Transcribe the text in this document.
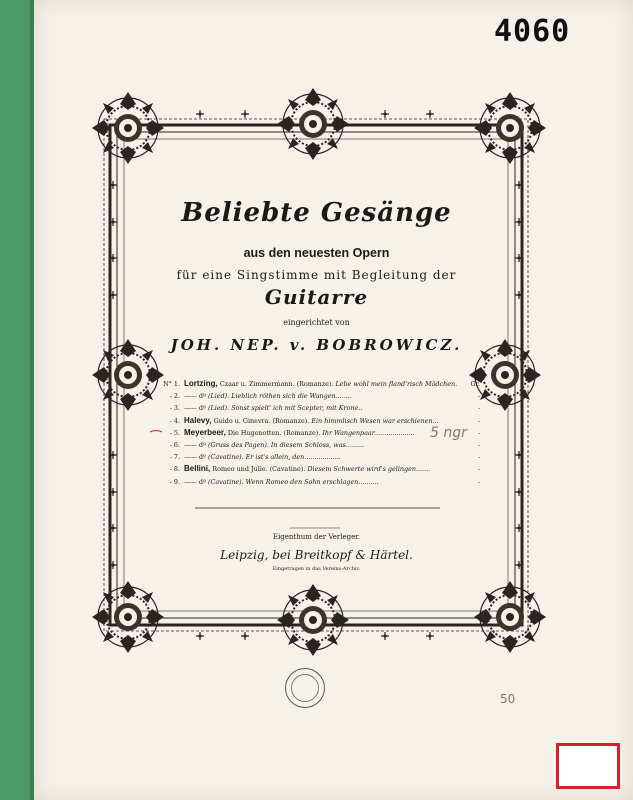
4060
Beliebte Gesänge
aus den neuesten Opern
für eine Singstimme mit Begleitung der
Guitarre
eingerichtet von
JOH. NEP. v. BOBROWICZ.
N° 1. Lortzing, Czaar u. Zimmermann. (Romanze). Lebe wohl mein fland'risch Mädchen. Gr.
- 2. —— dº (Lied). Lieblich röthen sich die Wangen........	-
- 3. —— dº (Lied). Sonst spielt' ich mit Scepter, mit Krone..	-
- 4. Halevy, Guido u. Ginevra. (Romanze). Ein himmlisch Wesen war erschienen...	-
- 5. Meyerbeer, Die Hugenotten. (Romanze). Ihr Wangenpaar....................	-
- 6. —— dº (Gruss des Pagen). In diesem Schloss, was.........	-
- 7. —— dº (Cavatine). Er ist's allein, den..................	-
- 8. Bellini, Romeo und Julie. (Cavatine). Diesem Schwerte wird's gelingen.......	-
- 9. —— dº (Cavatine). Wenn Romeo den Sohn erschlagen..........	-
5 ngr
Eigenthum der Verleger.
Leipzig, bei Breitkopf & Härtel.
Eingetragen in das Vereins-Archiv.
50
